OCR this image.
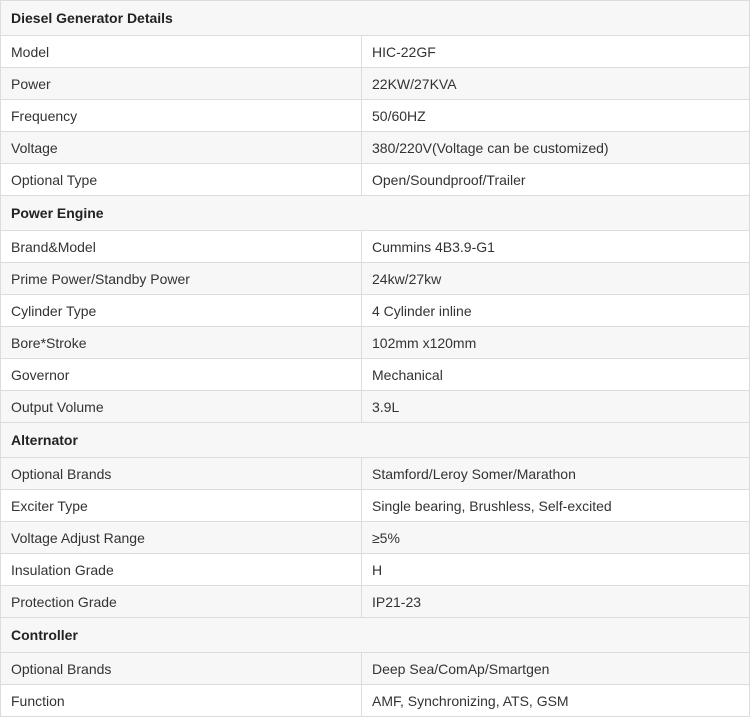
Diesel Generator Details	
Model	HIC-22GF
Power	22KW/27KVA
Frequency	50/60HZ
Voltage	380/220V(Voltage can be customized)
Optional Type	Open/Soundproof/Trailer
Power Engine	
Brand&Model	Cummins 4B3.9-G1
Prime Power/Standby Power	24kw/27kw
Cylinder Type	4 Cylinder inline
Bore*Stroke	102mm x120mm
Governor	Mechanical
Output Volume	3.9L
Alternator	
Optional Brands	Stamford/Leroy Somer/Marathon
Exciter Type	Single bearing, Brushless, Self-excited
Voltage Adjust Range	≥5%
Insulation Grade	H
Protection Grade	IP21-23
Controller	
Optional Brands	Deep Sea/ComAp/Smartgen
Function	AMF, Synchronizing, ATS, GSM
